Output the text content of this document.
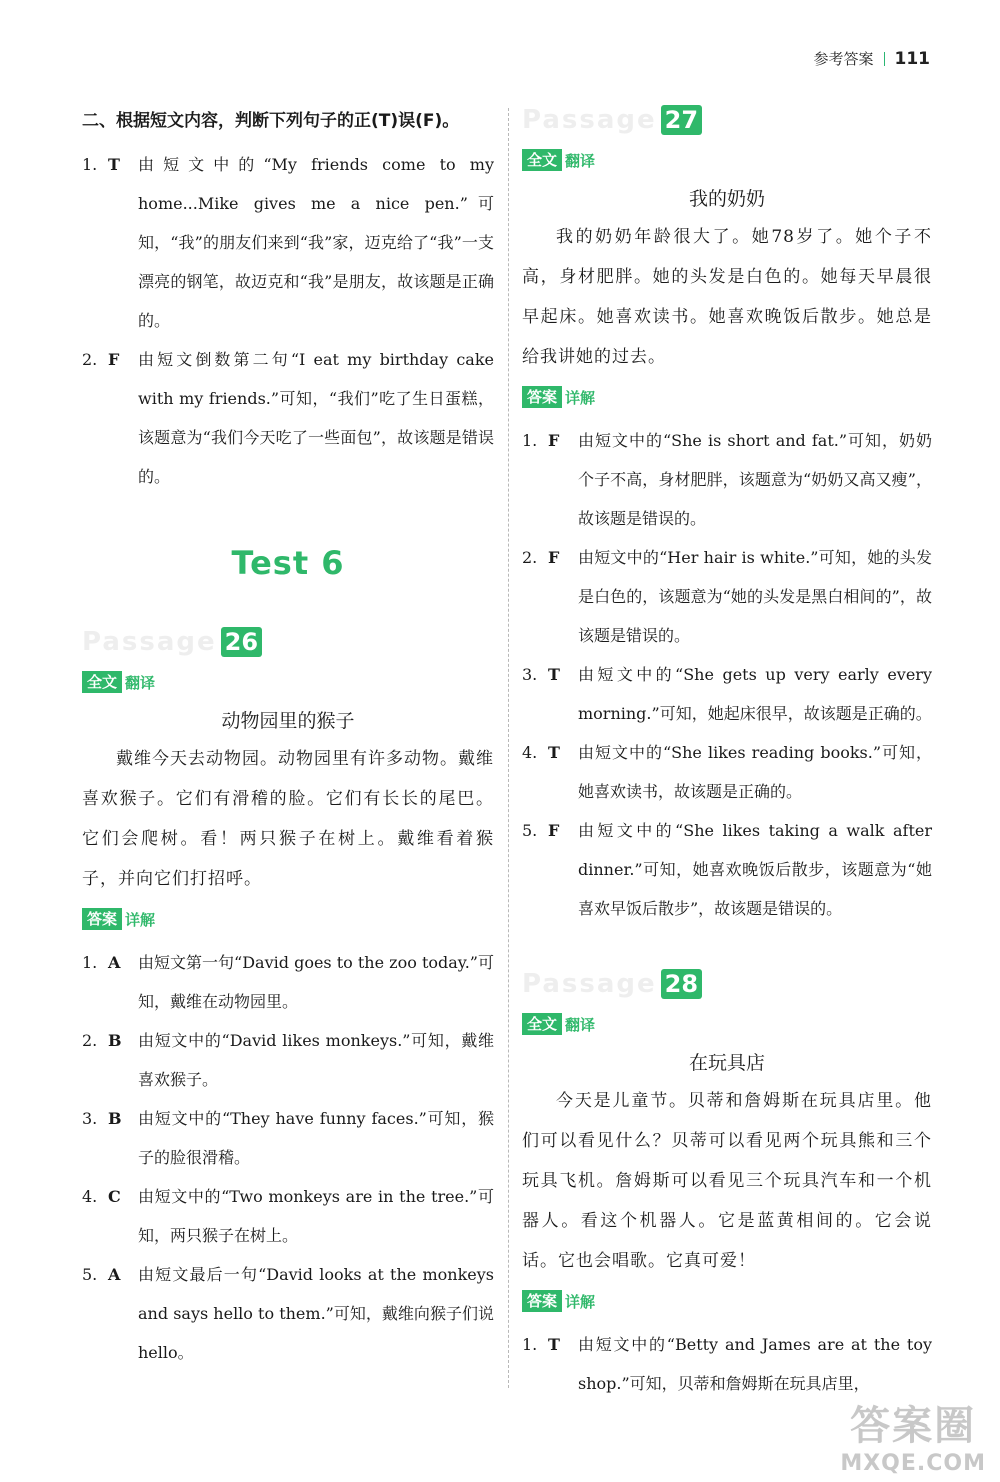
参考答案 111
二、根据短文内容，判断下列句子的正(T)误(F)。
1. T	由短文中的“My friends come to my home...Mike gives me a nice pen.”可知，“我”的朋友们来到“我”家，迈克给了“我”一支漂亮的钢笔，故迈克和“我”是朋友，故该题是正确的。
2. F	由短文倒数第二句“I eat my birthday cake with my friends.”可知，“我们”吃了生日蛋糕，该题意为“我们今天吃了一些面包”，故该题是错误的。
Test 6
Passage 26
全文 翻译
动物园里的猴子

戴维今天去动物园。动物园里有许多动物。戴维喜欢猴子。它们有滑稽的脸。它们有长长的尾巴。它们会爬树。看！两只猴子在树上。戴维看着猴子，并向它们打招呼。

答案 详解
1. A	由短文第一句“David goes to the zoo today.”可知，戴维在动物园里。
2. B	由短文中的“David likes monkeys.”可知，戴维喜欢猴子。
3. B	由短文中的“They have funny faces.”可知，猴子的脸很滑稽。
4. C	由短文中的“Two monkeys are in the tree.”可知，两只猴子在树上。
5. A	由短文最后一句“David looks at the monkeys and says hello to them.”可知，戴维向猴子们说hello。
Passage 27
全文 翻译
我的奶奶

我的奶奶年龄很大了。她78岁了。她个子不高，身材肥胖。她的头发是白色的。她每天早晨很早起床。她喜欢读书。她喜欢晚饭后散步。她总是给我讲她的过去。

答案 详解
1. F	由短文中的“She is short and fat.”可知，奶奶个子不高，身材肥胖，该题意为“奶奶又高又瘦”，故该题是错误的。
2. F	由短文中的“Her hair is white.”可知，她的头发是白色的，该题意为“她的头发是黑白相间的”，故该题是错误的。
3. T	由短文中的“She gets up very early every morning.”可知，她起床很早，故该题是正确的。
4. T	由短文中的“She likes reading books.”可知，她喜欢读书，故该题是正确的。
5. F	由短文中的“She likes taking a walk after dinner.”可知，她喜欢晚饭后散步，该题意为“她喜欢早饭后散步”，故该题是错误的。
Passage 28
全文 翻译
在玩具店

今天是儿童节。贝蒂和詹姆斯在玩具店里。他们可以看见什么？贝蒂可以看见两个玩具熊和三个玩具飞机。詹姆斯可以看见三个玩具汽车和一个机器人。看这个机器人。它是蓝黄相间的。它会说话。它也会唱歌。它真可爱！

答案 详解
1. T	由短文中的“Betty and James are at the toy shop.”可知，贝蒂和詹姆斯在玩具店里，
答案圈
MXQE.COM
